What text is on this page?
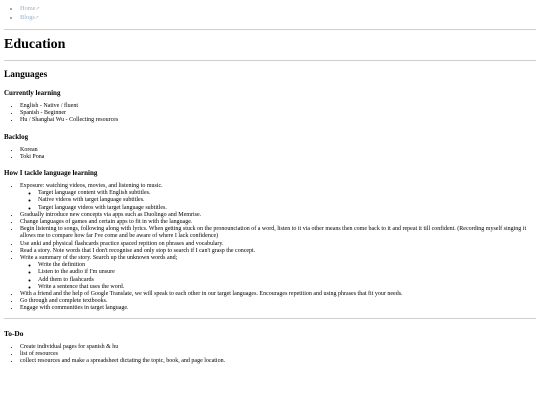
• Home↗
• Blogs↗
Education
Languages
Currently learning
• English - Native / fluent
• Spanish - Beginner
• Hu / Shanghai Wu - Collecting resources
Backlog
• Korean
• Toki Pona
How I tackle language learning
• Exposure: watching videos, movies, and listening to music.
◦ Target language content with English subtitles.
◦ Native videos with target language subtitles.
◦ Target language videos with target language subtitles.
• Gradually introduce new concepts via apps such as Duolingo and Memrise.
• Change languages of games and certain apps to fit in with the language.
• Begin listening to songs, following along with lyrics. When getting stuck on the pronounciation of a word, listen to it via other means then come back to it and repeat it till confident. (Recording myself singing it allows me to compare how far I've come and be aware of where I lack confidence)
• Use anki and physical flashcards practice spaced repition on phrases and vocabulary.
• Read a story. Note words that I don't recognise and only stop to search if I can't grasp the concept.
• Write a summary of the story. Search up the unknown words and;
◦ Write the definition
◦ Listen to the audio if I'm unsure
◦ Add them to flashcards
◦ Write a sentence that uses the word.
• With a friend and the help of Google Translate, we will speak to each other in our target languages. Encourages repetition and using phrases that fit your needs.
• Go through and complete textbooks.
• Engage with communities in target language.
To-Do
• Create individual pages for spanish & hu
• list of resources
• collect resources and make a spreadsheet dictating the topic, book, and page location.
